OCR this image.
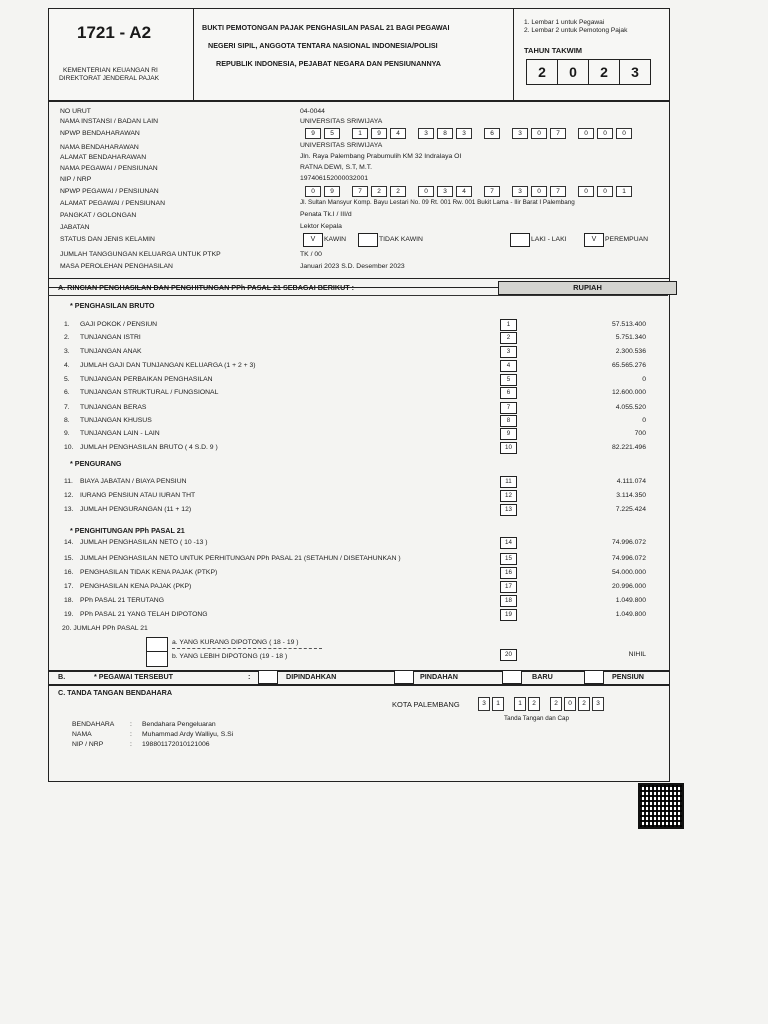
1721 - A2
KEMENTERIAN KEUANGAN RI
DIREKTORAT JENDERAL PAJAK
BUKTI PEMOTONGAN PAJAK PENGHASILAN PASAL 21 BAGI PEGAWAI
NEGERI SIPIL, ANGGOTA TENTARA NASIONAL INDONESIA/POLISI
REPUBLIK INDONESIA, PEJABAT NEGARA DAN PENSIUNANNYA
1. Lembar 1 untuk Pegawai
2. Lembar 2 untuk Pemotong Pajak
TAHUN TAKWIM
2	0	2	3
NO URUT	04-0044
NAMA INSTANSI / BADAN LAIN	UNIVERSITAS SRIWIJAYA
NPWP BENDAHARAWAN	9	5	1	9	4	3	8	3	6	3	0	7	0	0	0
NAMA BENDAHARAWAN	UNIVERSITAS SRIWIJAYA
ALAMAT BENDAHARAWAN	Jln. Raya Palembang Prabumulih KM 32 Indralaya OI
NAMA PEGAWAI / PENSIUNAN	RATNA DEWI, S.T, M.T.
NIP / NRP	197406152000032001
NPWP PEGAWAI / PENSIUNAN	0	9	7	2	2	0	3	4	7	3	0	7	0	0	1
ALAMAT PEGAWAI / PENSIUNAN	Jl. Sultan Mansyur Komp. Bayu Lestari No. 09 Rt. 001 Rw. 001 Bukit Lama - Ilir Barat I Palembang
PANGKAT / GOLONGAN	Penata Tk.I / III/d
JABATAN	Lektor Kepala
STATUS DAN JENIS KELAMIN	V	KAWIN	TIDAK KAWIN	LAKI - LAKI	V	PEREMPUAN
JUMLAH TANGGUNGAN KELUARGA UNTUK PTKP	TK / 00
MASA PEROLEHAN PENGHASILAN	Januari 2023 S.D. Desember 2023
A. RINCIAN PENGHASILAN DAN PENGHITUNGAN PPh PASAL 21 SEBAGAI BERIKUT :	RUPIAH
* PENGHASILAN BRUTO
* PENGURANG
* PENGHITUNGAN PPh PASAL 21
1. GAJI POKOK / PENSIUN	1	57.513.400
2. TUNJANGAN ISTRI	2	5.751.340
3. TUNJANGAN ANAK	3	2.300.536
4. JUMLAH GAJI DAN TUNJANGAN KELUARGA (1 + 2 + 3)	4	65.565.276
5. TUNJANGAN PERBAIKAN PENGHASILAN	5	0
6. TUNJANGAN STRUKTURAL / FUNGSIONAL	6	12.600.000
7. TUNJANGAN BERAS	7	4.055.520
8. TUNJANGAN KHUSUS	8	0
9. TUNJANGAN LAIN - LAIN	9	700
10. JUMLAH PENGHASILAN BRUTO ( 4 S.D. 9 )	10	82.221.496
11. BIAYA JABATAN / BIAYA PENSIUN	11	4.111.074
12. IURANG PENSIUN ATAU IURAN THT	12	3.114.350
13. JUMLAH PENGURANGAN (11 + 12)	13	7.225.424
14. JUMLAH PENGHASILAN NETO ( 10 -13 )	14	74.996.072
15. JUMLAH PENGHASILAN NETO UNTUK PERHITUNGAN PPh PASAL 21 (SETAHUN / DISETAHUNKAN )	15	74.996.072
16. PENGHASILAN TIDAK KENA PAJAK (PTKP)	16	54.000.000
17. PENGHASILAN KENA PAJAK (PKP)	17	20.996.000
18. PPh PASAL 21 TERUTANG	18	1.049.800
19. PPh PASAL 21 YANG TELAH DIPOTONG	19	1.049.800
20. JUMLAH PPh PASAL 21
a. YANG KURANG DIPOTONG ( 18 - 19 )
b. YANG LEBIH DIPOTONG (19 - 18 )	20	NIHIL
B.	* PEGAWAI TERSEBUT	:	DIPINDAHKAN	PINDAHAN	BARU	PENSIUN
C. TANDA TANGAN BENDAHARA
KOTA PALEMBANG	3	1	1	2	2	0	2	3
Tanda Tangan dan Cap
BENDAHARA : Bendahara Pengeluaran
NAMA	: Muhammad Ardy Walliyu, S.Si
NIP / NRP	: 198801172010121006
